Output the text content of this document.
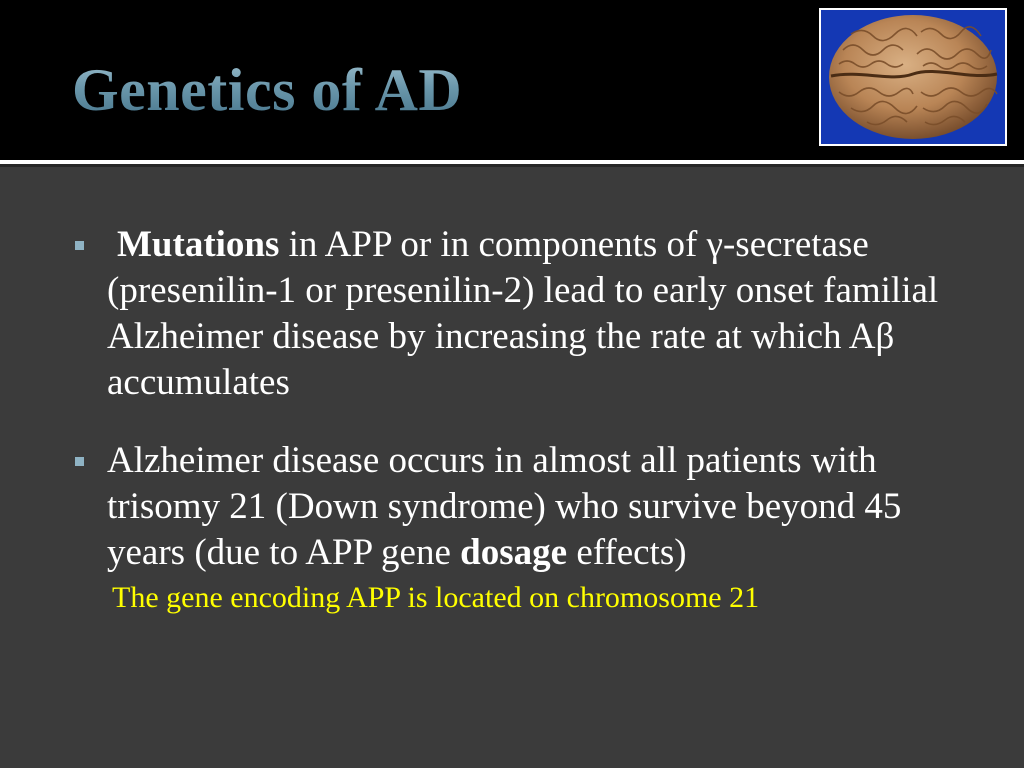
Genetics of AD

Mutations in APP or in components of γ-secretase (presenilin-1 or presenilin-2) lead to early onset familial Alzheimer disease by increasing the rate at which Aβ accumulates

Alzheimer disease occurs in almost all patients with trisomy 21 (Down syndrome) who survive beyond 45 years (due to APP gene dosage effects)

The gene encoding APP is located on chromosome 21
